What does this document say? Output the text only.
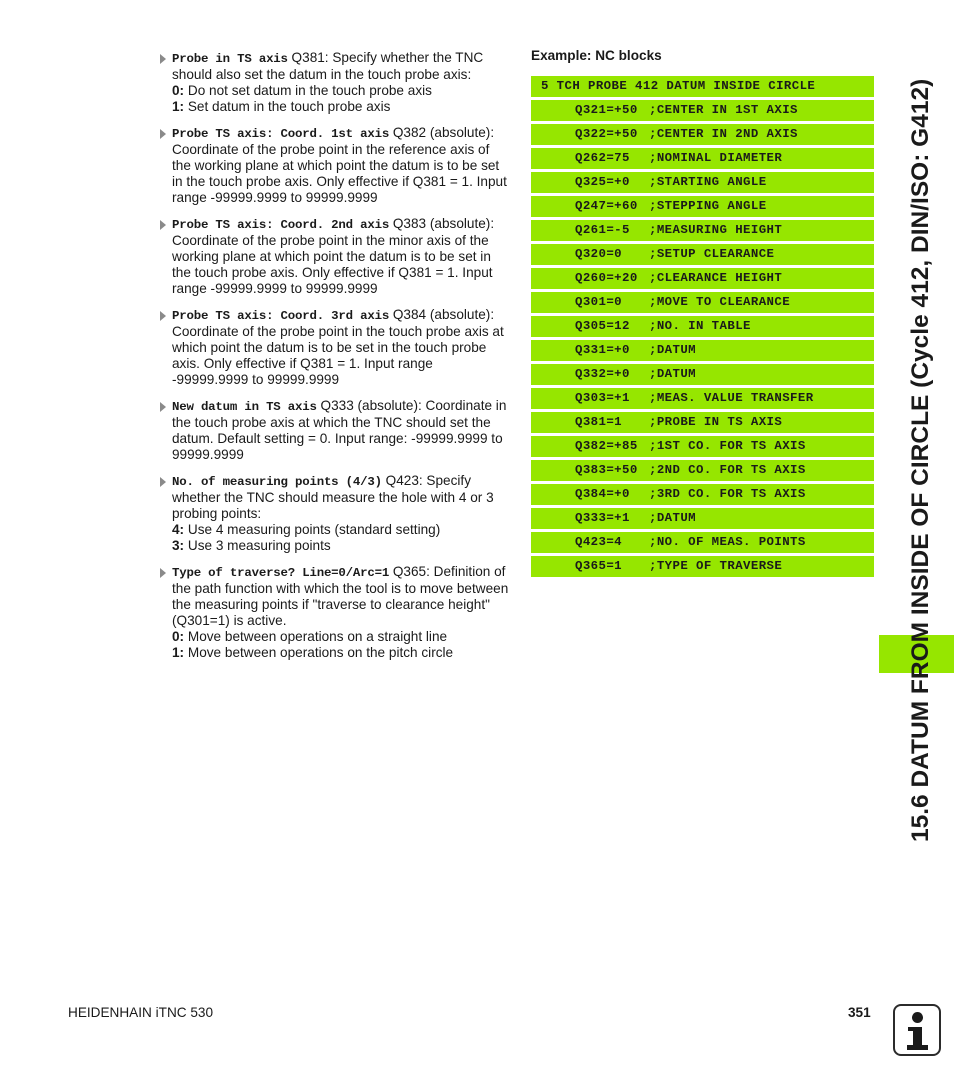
Probe in TS axis Q381: Specify whether the TNC should also set the datum in the touch probe axis:
0: Do not set datum in the touch probe axis
1: Set datum in the touch probe axis
Probe TS axis: Coord. 1st axis Q382 (absolute): Coordinate of the probe point in the reference axis of the working plane at which point the datum is to be set in the touch probe axis. Only effective if Q381 = 1. Input range -99999.9999 to 99999.9999
Probe TS axis: Coord. 2nd axis Q383 (absolute): Coordinate of the probe point in the minor axis of the working plane at which point the datum is to be set in the touch probe axis. Only effective if Q381 = 1. Input range -99999.9999 to 99999.9999
Probe TS axis: Coord. 3rd axis Q384 (absolute): Coordinate of the probe point in the touch probe axis at which point the datum is to be set in the touch probe axis. Only effective if Q381 = 1. Input range -99999.9999 to 99999.9999
New datum in TS axis Q333 (absolute): Coordinate in the touch probe axis at which the TNC should set the datum. Default setting = 0. Input range: -99999.9999 to 99999.9999
No. of measuring points (4/3) Q423: Specify whether the TNC should measure the hole with 4 or 3 probing points:
4: Use 4 measuring points (standard setting)
3: Use 3 measuring points
Type of traverse? Line=0/Arc=1 Q365: Definition of the path function with which the tool is to move between the measuring points if "traverse to clearance height" (Q301=1) is active.
0: Move between operations on a straight line
1: Move between operations on the pitch circle
Example: NC blocks
5 TCH PROBE 412 DATUM INSIDE CIRCLE
Q321=+50 ;CENTER IN 1ST AXIS
Q322=+50 ;CENTER IN 2ND AXIS
Q262=75 ;NOMINAL DIAMETER
Q325=+0 ;STARTING ANGLE
Q247=+60 ;STEPPING ANGLE
Q261=-5 ;MEASURING HEIGHT
Q320=0 ;SETUP CLEARANCE
Q260=+20 ;CLEARANCE HEIGHT
Q301=0 ;MOVE TO CLEARANCE
Q305=12 ;NO. IN TABLE
Q331=+0 ;DATUM
Q332=+0 ;DATUM
Q303=+1 ;MEAS. VALUE TRANSFER
Q381=1 ;PROBE IN TS AXIS
Q382=+85 ;1ST CO. FOR TS AXIS
Q383=+50 ;2ND CO. FOR TS AXIS
Q384=+0 ;3RD CO. FOR TS AXIS
Q333=+1 ;DATUM
Q423=4 ;NO. OF MEAS. POINTS
Q365=1 ;TYPE OF TRAVERSE	15.6 DATUM FROM INSIDE OF CIRCLE (Cycle 412, DIN/ISO: G412)
HEIDENHAIN iTNC 530	351
